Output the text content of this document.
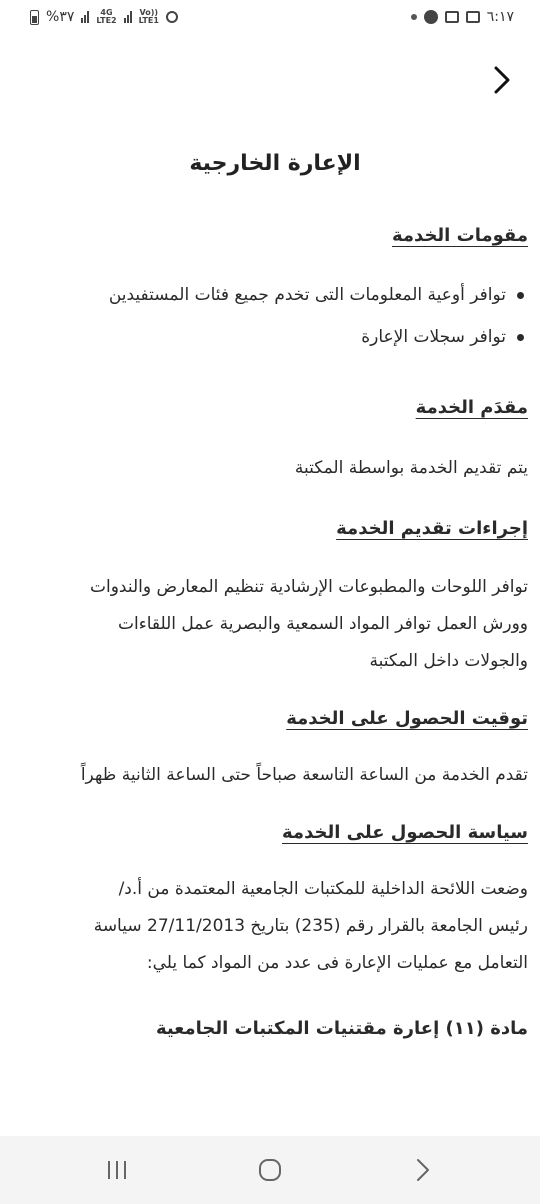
%٣٧	4G
LTE2
Vo))
LTE1	٦:١٧
الإعارة الخارجية
مقومات الخدمة
توافر أوعية المعلومات التى تخدم جميع فئات المستفيدين
توافر سجلات الإعارة
مقدَم الخدمة

يتم تقديم الخدمة بواسطة المكتبة

إجراءات تقديم الخدمة

توافر اللوحات والمطبوعات الإرشادية تنظيم المعارض والندوات

وورش العمل توافر المواد السمعية والبصرية عمل اللقاءات

والجولات داخل المكتبة

توقيت الحصول على الخدمة

تقدم الخدمة من الساعة التاسعة صباحاً حتى الساعة الثانية ظهراً

سياسة الحصول على الخدمة

وضعت اللائحة الداخلية للمكتبات الجامعية المعتمدة من أ.د/

رئيس الجامعة بالقرار رقم (235) بتاريخ 27/11/2013 سياسة

التعامل مع عمليات الإعارة فى عدد من المواد كما يلي:

مادة (١١) إعارة مقتنيات المكتبات الجامعية
